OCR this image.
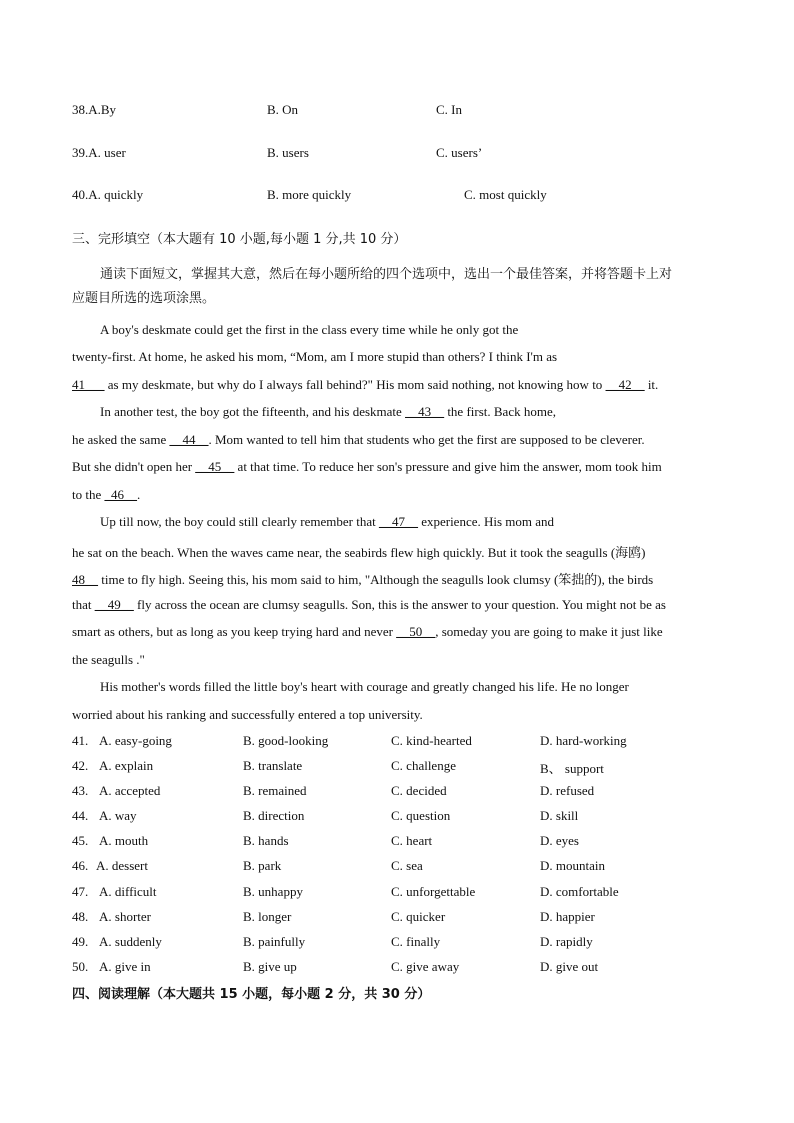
38.A.By	B. On	C. In
39.A. user	B. users	C. users’
40.A. quickly	B. more quickly	C. most quickly
三、完形填空（本大题有 10 小题,每小题 1 分,共 10 分）
通读下面短文，掌握其大意，然后在每小题所给的四个选项中，选出一个最佳答案，并将答题卡上对
应题目所选的选项涂黑。
A boy's deskmate could get the first in the class every time while he only got the
twenty-first. At home, he asked his mom, “Mom, am I more stupid than others? I think I'm as
41___ as my deskmate, but why do I always fall behind?" His mom said nothing, not knowing how to __42__ it.
In another test, the boy got the fifteenth, and his deskmate __43__ the first. Back home,
he asked the same __44__. Mom wanted to tell him that students who get the first are supposed to be cleverer.
But she didn't open her __45__ at that time. To reduce her son's pressure and give him the answer, mom took him
to the _46__.
Up till now, the boy could still clearly remember that __47__ experience. His mom and
he sat on the beach. When the waves came near, the seabirds flew high quickly. But it took the seagulls (海鸥)
48__ time to fly high. Seeing this, his mom said to him, "Although the seagulls look clumsy (笨拙的), the birds
that __49__ fly across the ocean are clumsy seagulls. Son, this is the answer to your question. You might not be as
smart as others, but as long as you keep trying hard and never __50__, someday you are going to make it just like
the seagulls ."
His mother's words filled the little boy's heart with courage and greatly changed his life. He no longer
worried about his ranking and successfully entered a top university.
41. A. easy-going	B. good-looking	C. kind-hearted	D. hard-working
42. A. explain	B. translate	C. challenge	B、 support
43. A. accepted	B. remained	C. decided	D. refused
44. A. way	B. direction	C. question	D. skill
45. A. mouth	B. hands	C. heart	D. eyes
46. A. dessert	B. park	C. sea	D. mountain
47. A. difficult	B. unhappy	C. unforgettable	D. comfortable
48. A. shorter	B. longer	C. quicker	D. happier
49. A. suddenly	B. painfully	C. finally	D. rapidly
50. A. give in	B. give up	C. give away	D. give out
四、阅读理解（本大题共 15 小题，每小题 2 分，共 30 分）
